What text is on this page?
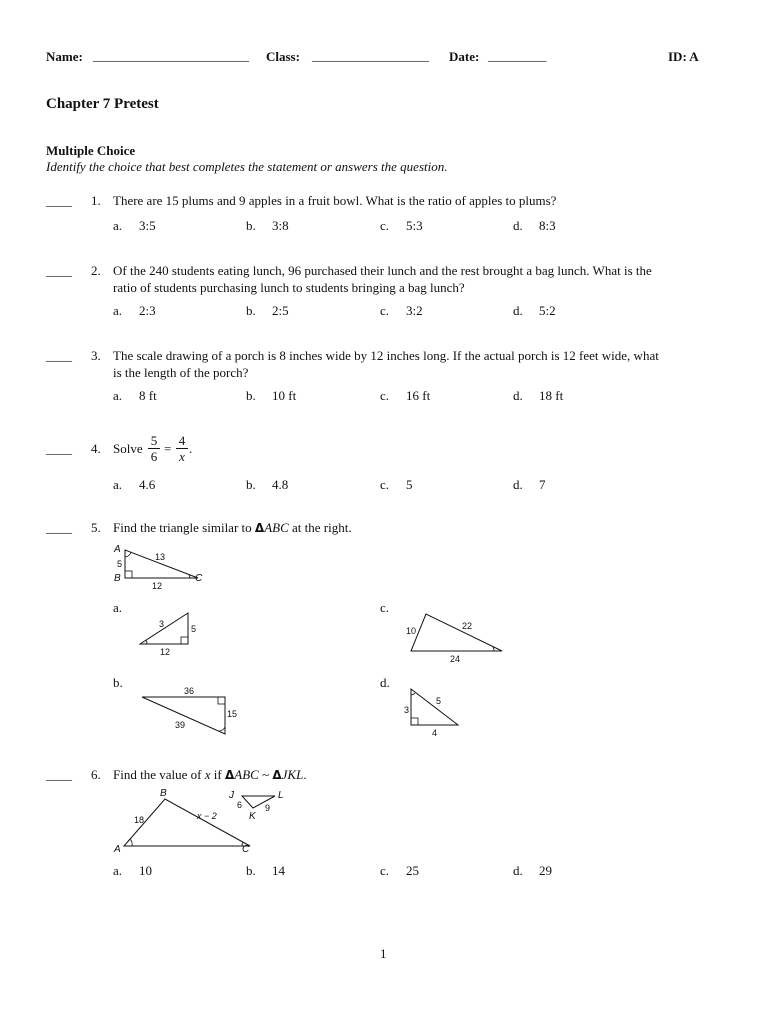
Name: ________________________ Class: __________________ Date: _________	ID: A
Chapter 7 Pretest
Multiple Choice
Identify the choice that best completes the statement or answers the question.
____ 1. There are 15 plums and 9 apples in a fruit bowl. What is the ratio of apples to plums?
a. 3:5	b. 3:8	c. 5:3	d. 8:3
____ 2. Of the 240 students eating lunch, 96 purchased their lunch and the rest brought a bag lunch. What is the
ratio of students purchasing lunch to students bringing a bag lunch?
a. 2:3	b. 2:5	c. 3:2	d. 5:2
____ 3. The scale drawing of a porch is 8 inches wide by 12 inches long. If the actual porch is 12 feet wide, what
is the length of the porch?
a. 8 ft	b. 10 ft	c. 16 ft	d. 18 ft
____ 4. Solve $\frac{5}{6} = \frac{4}{x}$ .
a. 4.6	b. 4.8	c. 5	d. 7
____ 5. Find the triangle similar to ΔABC at the right.
A
B	C
5
13
12
a.
3	5
12
c.
10	22
24
b.
36
15
39
d.
3
5
4
____ 6. Find the value of x if ΔABC ~ ΔJKL.
A
B
C
18	x − 2
J	L
K
6	9
a. 10	b. 14	c. 25	d. 29
1
